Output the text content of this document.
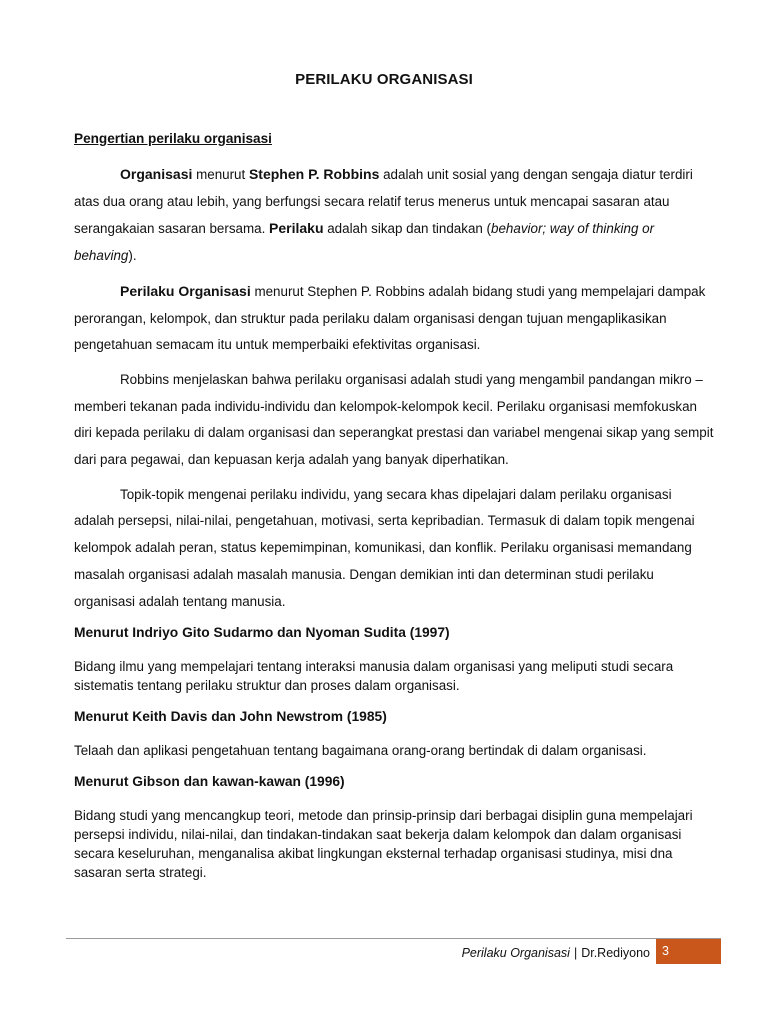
PERILAKU ORGANISASI
Pengertian perilaku organisasi

Organisasi menurut Stephen P. Robbins adalah unit sosial yang dengan sengaja diatur terdiri atas dua orang atau lebih, yang berfungsi secara relatif terus menerus untuk mencapai sasaran atau serangakaian sasaran bersama. Perilaku adalah sikap dan tindakan (behavior; way of thinking or behaving).

Perilaku Organisasi menurut Stephen P. Robbins adalah bidang studi yang mempelajari dampak perorangan, kelompok, dan struktur pada perilaku dalam organisasi dengan tujuan mengaplikasikan pengetahuan semacam itu untuk memperbaiki efektivitas organisasi.

Robbins menjelaskan bahwa perilaku organisasi adalah studi yang mengambil pandangan mikro – memberi tekanan pada individu-individu dan kelompok-kelompok kecil. Perilaku organisasi memfokuskan diri kepada perilaku di dalam organisasi dan seperangkat prestasi dan variabel mengenai sikap yang sempit dari para pegawai, dan kepuasan kerja adalah yang banyak diperhatikan.

Topik-topik mengenai perilaku individu, yang secara khas dipelajari dalam perilaku organisasi adalah persepsi, nilai-nilai, pengetahuan, motivasi, serta kepribadian. Termasuk di dalam topik mengenai kelompok adalah peran, status kepemimpinan, komunikasi, dan konflik. Perilaku organisasi memandang masalah organisasi adalah masalah manusia. Dengan demikian inti dan determinan studi perilaku organisasi adalah tentang manusia.

Menurut Indriyo Gito Sudarmo dan Nyoman Sudita (1997)

Bidang ilmu yang mempelajari tentang interaksi manusia dalam organisasi yang meliputi studi secara sistematis tentang perilaku struktur dan proses dalam organisasi.

Menurut Keith Davis dan John Newstrom (1985)

Telaah dan aplikasi pengetahuan tentang bagaimana orang-orang bertindak di dalam organisasi.

Menurut Gibson dan kawan-kawan (1996)

Bidang studi yang mencangkup teori, metode dan prinsip-prinsip dari berbagai disiplin guna mempelajari persepsi individu, nilai-nilai, dan tindakan-tindakan saat bekerja dalam kelompok dan dalam organisasi secara keseluruhan, menganalisa akibat lingkungan eksternal terhadap organisasi studinya, misi dna sasaran serta strategi.

Perilaku Organisasi | Dr.Rediyono 3
